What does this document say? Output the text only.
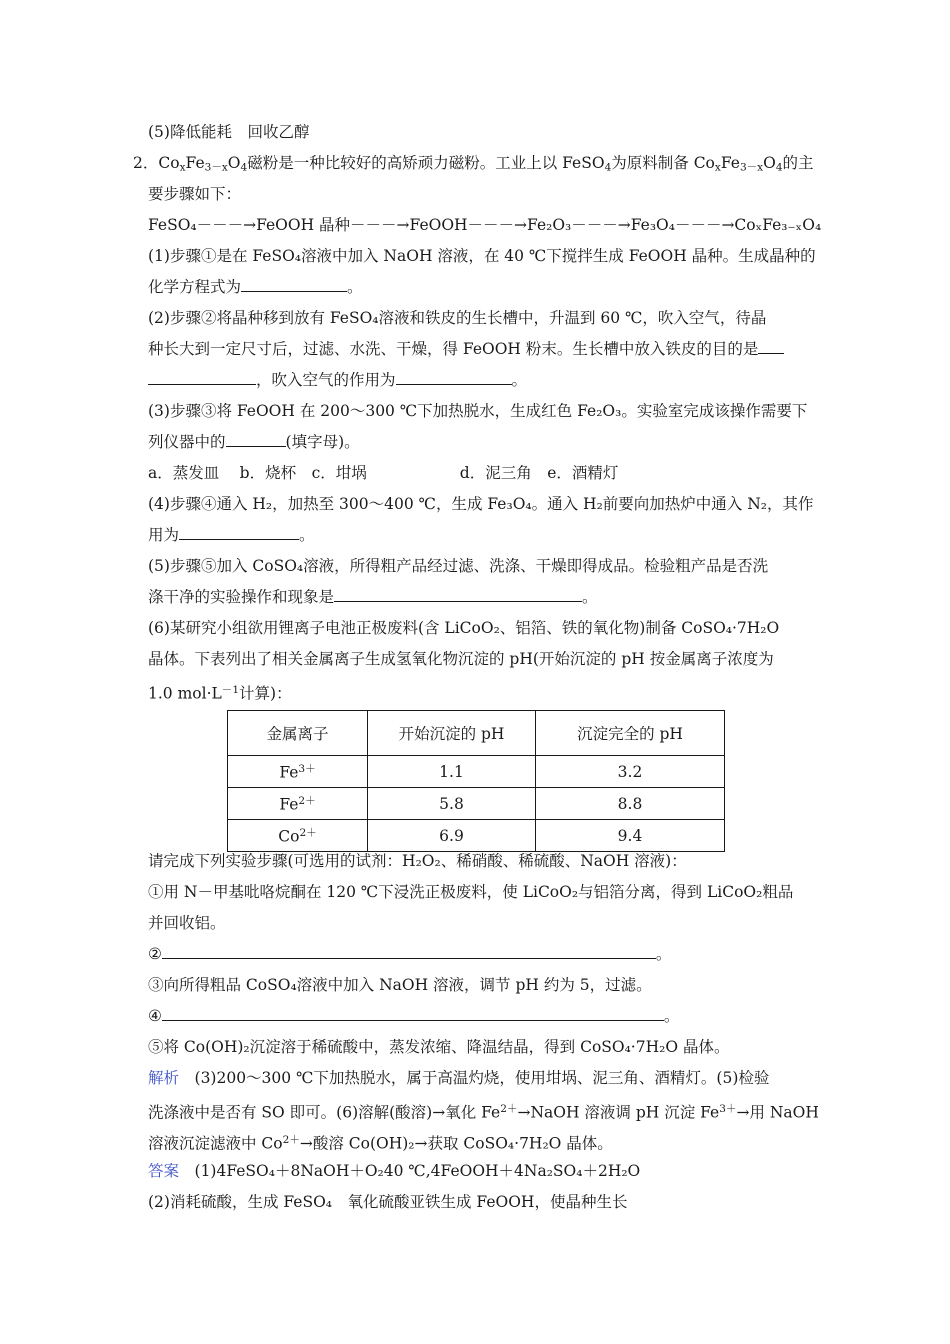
(5)降低能耗　回收乙醇
2．$Co_xFe_{3-x}O_4$磁粉是一种比较好的高矫顽力磁粉。工业上以 FeSO$_4$为原料制备 $Co_xFe_{3-x}O_4$的主
要步骤如下：
FeSO₄－－－→FeOOH 晶种－－－→FeOOH－－－→Fe₂O₃－－－→Fe₃O₄－－－→CoₓFe₃₋ₓO₄
(1)步骤①是在 FeSO₄溶液中加入 NaOH 溶液，在 40 ℃下搅拌生成 FeOOH 晶种。生成晶种的
化学方程式为	。
(2)步骤②将晶种移到放有 FeSO₄溶液和铁皮的生长槽中，升温到 60 ℃，吹入空气，待晶
种长大到一定尺寸后，过滤、水洗、干燥，得 FeOOH 粉末。生长槽中放入铁皮的目的是
，吹入空气的作用为	。
(3)步骤③将 FeOOH 在 200～300 ℃下加热脱水，生成红色 Fe₂O₃。实验室完成该操作需要下
列仪器中的	(填字母)。
a．蒸发皿　 b．烧杯　c．坩埚　　　　　　d．泥三角　e．酒精灯
(4)步骤④通入 H₂，加热至 300～400 ℃，生成 Fe₃O₄。通入 H₂前要向加热炉中通入 N₂，其作
用为	。
(5)步骤⑤加入 CoSO₄溶液，所得粗产品经过滤、洗涤、干燥即得成品。检验粗产品是否洗
涤干净的实验操作和现象是	。
(6)某研究小组欲用锂离子电池正极废料(含 LiCoO₂、铝箔、铁的氧化物)制备 CoSO₄·7H₂O
晶体。下表列出了相关金属离子生成氢氧化物沉淀的 pH(开始沉淀的 pH 按金属离子浓度为
1.0 $mol\cdot L^{-1}$计算)：
金属离子	开始沉淀的 pH	沉淀完全的 pH
$Fe^{3+}$	1.1	3.2
$Fe^{2+}$	5.8	8.8
$Co^{2+}$	6.9	9.4
请完成下列实验步骤(可选用的试剂：H₂O₂、稀硝酸、稀硫酸、NaOH 溶液)：
①用 N－甲基吡咯烷酮在 120 ℃下浸洗正极废料，使 LiCoO₂与铝箔分离，得到 LiCoO₂粗品
并回收铝。
②	。
③向所得粗品 CoSO₄溶液中加入 NaOH 溶液，调节 pH 约为 5，过滤。
④	。
⑤将 Co(OH)₂沉淀溶于稀硫酸中，蒸发浓缩、降温结晶，得到 CoSO₄·7H₂O 晶体。
解析　(3)200～300 ℃下加热脱水，属于高温灼烧，使用坩埚、泥三角、酒精灯。(5)检验
洗涤液中是否有 SO 即可。(6)溶解(酸溶)→氧化 $Fe^{2+}\to NaOH$ 溶液调 pH 沉淀 $Fe^{3+}\to$用 NaOH
溶液沉淀滤液中 $Co^{2+}\to$酸溶 Co(OH)₂→获取 CoSO₄·7H₂O 晶体。
答案　(1)4FeSO₄＋8NaOH＋O₂40 ℃,4FeOOH＋4Na₂SO₄＋2H₂O
(2)消耗硫酸，生成 FeSO₄　氧化硫酸亚铁生成 FeOOH，使晶种生长
